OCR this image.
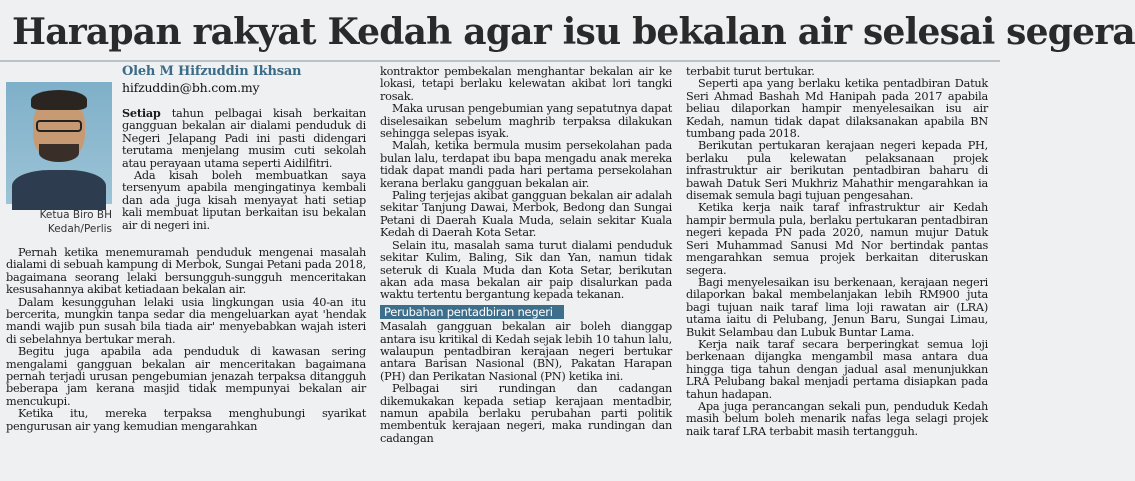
Harapan rakyat Kedah agar isu bekalan air selesai segera
Oleh M Hifzuddin Ikhsan
hifzuddin@bh.com.my
Ketua Biro BH
Kedah/Perlis

Setiap tahun pelbagai kisah berkaitan gangguan bekalan air dialami penduduk di Negeri Jelapang Padi ini pasti didengari terutama menjelang musim cuti sekolah atau perayaan utama seperti Aidilfitri.

Ada kisah boleh membuatkan saya tersenyum apabila mengingatinya kembali dan ada juga kisah menyayat hati setiap kali membuat liputan berkaitan isu bekalan air di negeri ini.

Pernah ketika menemuramah penduduk mengenai masalah dialami di sebuah kampung di Merbok, Sungai Petani pada 2018, bagaimana seorang lelaki bersungguh-sungguh menceritakan kesusahannya akibat ketiadaan bekalan air.

Dalam kesungguhan lelaki usia lingkungan usia 40-an itu bercerita, mungkin tanpa sedar dia mengeluarkan ayat 'hendak mandi wajib pun susah bila tiada air' menyebabkan wajah isteri di sebelahnya bertukar merah.

Begitu juga apabila ada penduduk di kawasan sering mengalami gangguan bekalan air menceritakan bagaimana pernah terjadi urusan pengebumian jenazah terpaksa ditangguh beberapa jam kerana masjid tidak mempunyai bekalan air mencukupi.

Ketika itu, mereka terpaksa menghubungi syarikat pengurusan air yang kemudian mengarahkan

kontraktor pembekalan menghantar bekalan air ke lokasi, tetapi berlaku kelewatan akibat lori tangki rosak.

Maka urusan pengebumian yang sepatutnya dapat diselesaikan sebelum maghrib terpaksa dilakukan sehingga selepas isyak.

Malah, ketika bermula musim persekolahan pada bulan lalu, terdapat ibu bapa mengadu anak mereka tidak dapat mandi pada hari pertama persekolahan kerana berlaku gangguan bekalan air.

Paling terjejas akibat gangguan bekalan air adalah sekitar Tanjung Dawai, Merbok, Bedong dan Sungai Petani di Daerah Kuala Muda, selain sekitar Kuala Kedah di Daerah Kota Setar.

Selain itu, masalah sama turut dialami penduduk sekitar Kulim, Baling, Sik dan Yan, namun tidak seteruk di Kuala Muda dan Kota Setar, berikutan akan ada masa bekalan air paip disalurkan pada waktu tertentu bergantung kepada tekanan.

Perubahan pentadbiran negeri

Masalah gangguan bekalan air boleh dianggap antara isu kritikal di Kedah sejak lebih 10 tahun lalu, walaupun pentadbiran kerajaan negeri bertukar antara Barisan Nasional (BN), Pakatan Harapan (PH) dan Perikatan Nasional (PN) ketika ini.

Pelbagai siri rundingan dan cadangan dikemukakan kepada setiap kerajaan mentadbir, namun apabila berlaku perubahan parti politik membentuk kerajaan negeri, maka rundingan dan cadangan

terbabit turut bertukar.

Seperti apa yang berlaku ketika pentadbiran Datuk Seri Ahmad Bashah Md Hanipah pada 2017 apabila beliau dilaporkan hampir menyelesaikan isu air Kedah, namun tidak dapat dilaksanakan apabila BN tumbang pada 2018.

Berikutan pertukaran kerajaan negeri kepada PH, berlaku pula kelewatan pelaksanaan projek infrastruktur air berikutan pentadbiran baharu di bawah Datuk Seri Mukhriz Mahathir mengarahkan ia disemak semula bagi tujuan pengesahan.

Ketika kerja naik taraf infrastruktur air Kedah hampir bermula pula, berlaku pertukaran pentadbiran negeri kepada PN pada 2020, namun mujur Datuk Seri Muhammad Sanusi Md Nor bertindak pantas mengarahkan semua projek berkaitan diteruskan segera.

Bagi menyelesaikan isu berkenaan, kerajaan negeri dilaporkan bakal membelanjakan lebih RM900 juta bagi tujuan naik taraf lima loji rawatan air (LRA) utama iaitu di Pelubang, Jenun Baru, Sungai Limau, Bukit Selambau dan Lubuk Buntar Lama.

Kerja naik taraf secara berperingkat semua loji berkenaan dijangka mengambil masa antara dua hingga tiga tahun dengan jadual asal menunjukkan LRA Pelubang bakal menjadi pertama disiapkan pada tahun hadapan.

Apa juga perancangan sekali pun, penduduk Kedah masih belum boleh menarik nafas lega selagi projek naik taraf LRA terbabit masih tertangguh.
